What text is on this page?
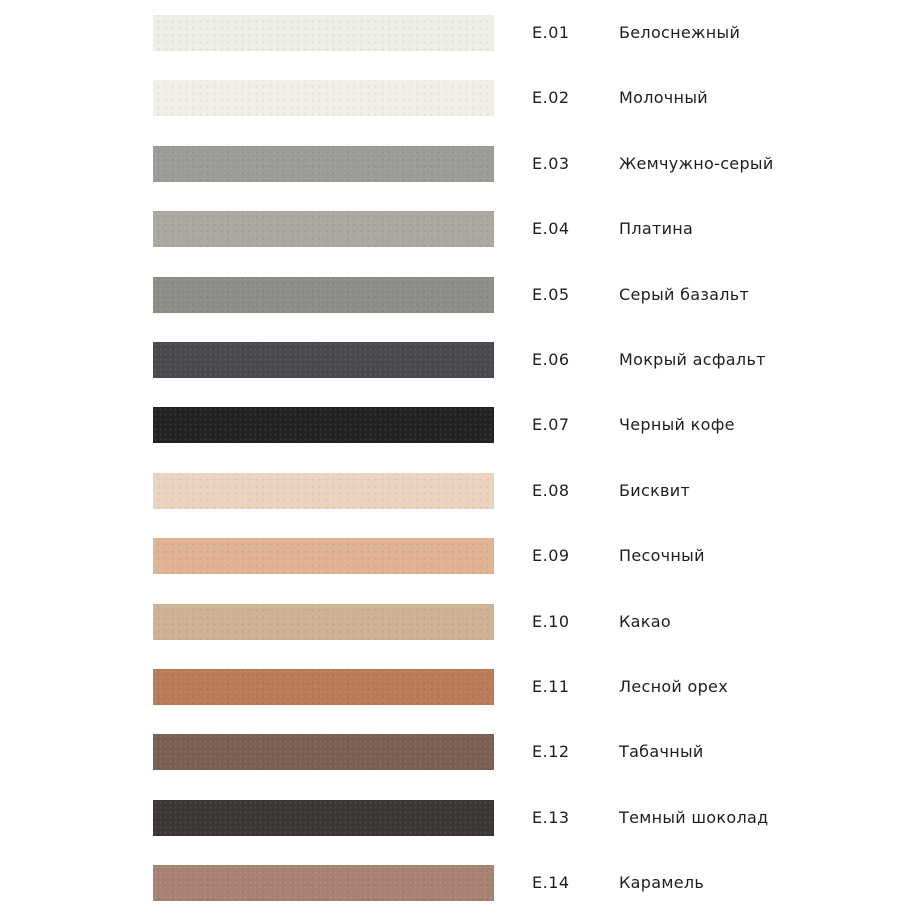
E.01	Белоснежный
E.02	Молочный
E.03	Жемчужно-серый
E.04	Платина
E.05	Серый базальт
E.06	Мокрый асфальт
E.07	Черный кофе
E.08	Бисквит
E.09	Песочный
E.10	Какао
E.11	Лесной орех
E.12	Табачный
E.13	Темный шоколад
E.14	Карамель
